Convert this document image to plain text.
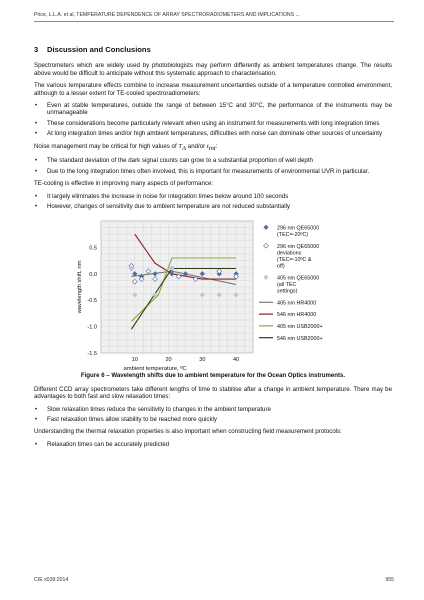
Price, L.L.A. et al, TEMPERATURE DEPENDENCE OF ARRAY SPECTRORADIOMETERS AND IMPLICATIONS ...
3 Discussion and Conclusions

Spectrometers which are widely used by photobiologists may perform differently as ambient temperatures change. The results above would be difficult to anticipate without this systematic approach to characterisation.

The various temperature effects combine to increase measurement uncertainties outside of a temperature controlled environment, although to a lesser extent for TE-cooled spectroradiometers:

• Even at stable temperatures, outside the range of between 15°C and 30°C, the performance of the instruments may be unmanageable
• These considerations become particularly relevant when using an instrument for measurements with long integration times
• At long integration times and/or high ambient temperatures, difficulties with noise can dominate other sources of uncertainty

Noise management may be critical for high values of $T_A$ and/or $t_{int}$:

• The standard deviation of the dark signal counts can grow to a substantial proportion of well depth
• Due to the long integration times often involved, this is important for measurements of environmental UVR in particular.

TE-cooling is effective in improving many aspects of performance:

• It largely eliminates the increase in noise for integration times below around 100 seconds
• However, changes of sensitivity due to ambient temperature are not reduced substantially
-1.5
-1.0
-0.5
0.0
0.5
10	20	30	40
ambient temperature, ºC
wavelength shift, nm
296 nm QE65000 (TEC=-20ºC)
296 nm QE65000 deviations (TEC=-10ºC & off)
405 nm QE65000 (all TEC settings)
405 nm HR4000
546 nm HR4000
405 nm USB2000+
546 nm USB2000+
Figure 6 – Wavelength shifts due to ambient temperature for the Ocean Optics instruments.

Different CCD array spectrometers take different lengths of time to stabilise after a change in ambient temperature. There may be advantages to both fast and slow relaxation times:

• Slow relaxation times reduce the sensitivity to changes in the ambient temperature
• Fast relaxation times allow stability to be reached more quickly

Understanding the thermal relaxation properties is also important when constructing field measurement protocols:

• Relaxation times can be accurately predicted
CIE x039:2014	955
